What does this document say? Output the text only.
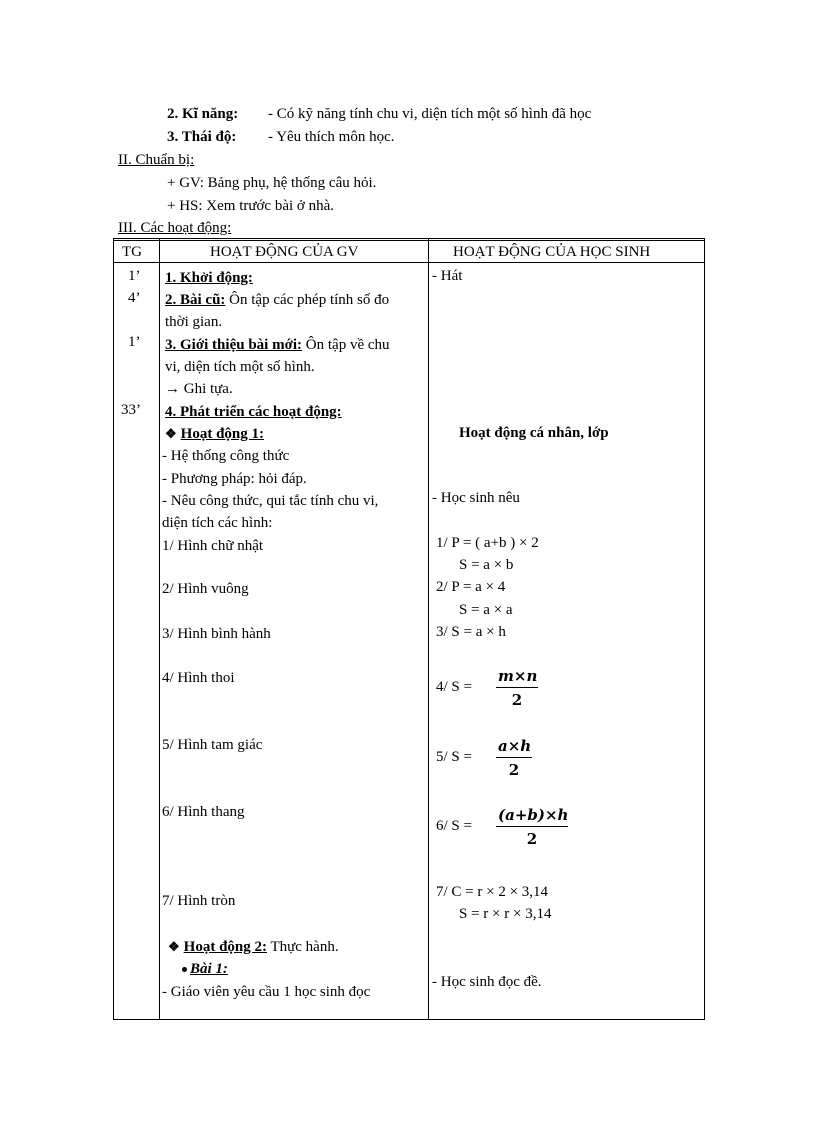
2. Kĩ năng: - Có kỹ năng tính chu vi, diện tích một số hình đã học
3. Thái độ: - Yêu thích môn học.
II. Chuẩn bị:
+ GV: Bảng phụ, hệ thống câu hỏi.
+ HS: Xem trước bài ở nhà.
III. Các hoạt động:
TG	HOẠT ĐỘNG CỦA GV	HOẠT ĐỘNG CỦA HỌC SINH
1’
4’
1’
33’
1. Khởi động:
2. Bài cũ: Ôn tập các phép tính số đo
thời gian.
3. Giới thiệu bài mới: Ôn tập về chu
vi, diện tích một số hình.
→ Ghi tựa.
4. Phát triển các hoạt động:
❖ Hoạt động 1:
- Hệ thống công thức
- Phương pháp: hỏi đáp.
- Nêu công thức, qui tắc tính chu vi,
diện tích các hình:
1/ Hình chữ nhật
2/ Hình vuông
3/ Hình bình hành
4/ Hình thoi
5/ Hình tam giác
6/ Hình thang
7/ Hình tròn
❖ Hoạt động 2: Thực hành.
Bài 1:
- Giáo viên yêu cầu 1 học sinh đọc
- Hát
Hoạt động cá nhân, lớp
- Học sinh nêu
1/ P = ( a+b ) × 2
S = a × b
2/ P = a × 4
S = a × a
3/ S = a × h
4/ S =
m×n
2
5/ S =
a×h
2
6/ S =
(a+b)×h
2
7/ C = r × 2 × 3,14
S = r × r × 3,14
- Học sinh đọc đề.
